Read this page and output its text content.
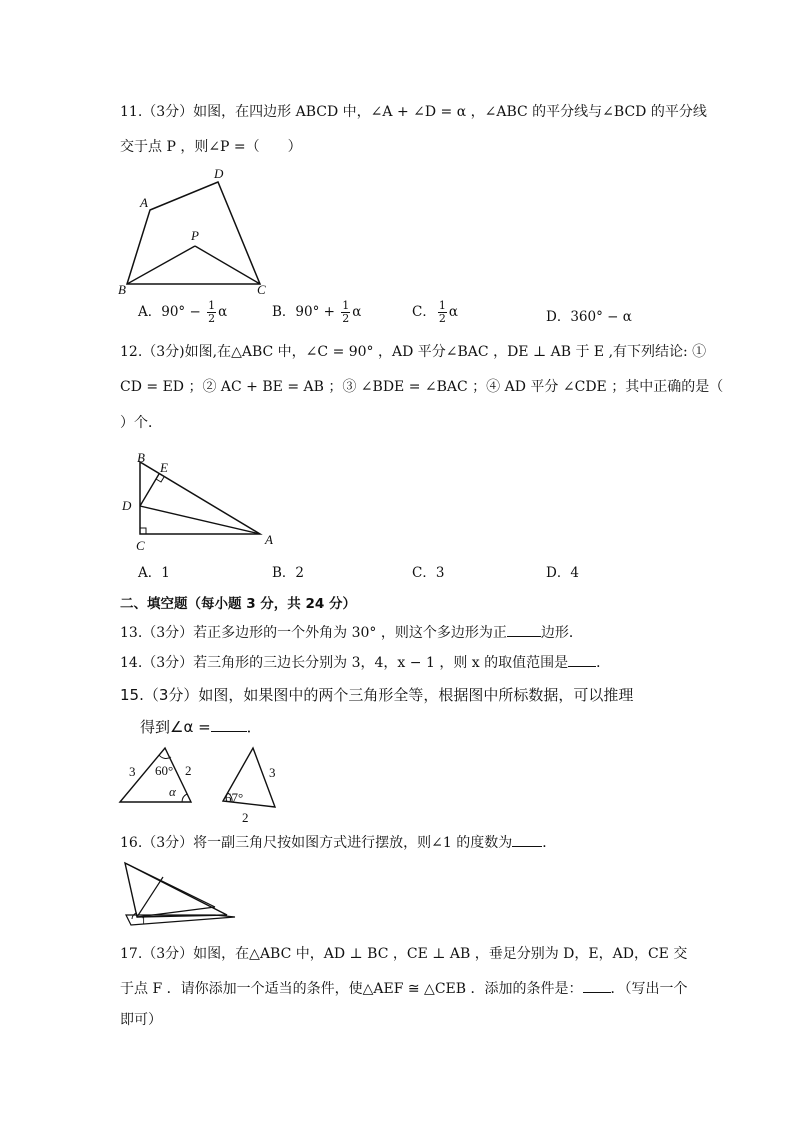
11.（3分）如图，在四边形 ABCD 中，∠A + ∠D = α ，∠ABC 的平分线与∠BCD 的平分线
交于点 P ，则∠P =（　　）
A
D
P
B	C
A．$90^\circ - \frac{1}{2}$ α	B．$90^\circ + \frac{1}{2}$ α	C． $\frac{1}{2}$ α	D．360° − α
12.（3分)如图,在△ABC 中，∠C = 90° ，AD 平分∠BAC ，DE ⊥ AB 于 E ,有下列结论: ①
CD = ED ；② AC + BE = AB ；③ ∠BDE = ∠BAC ；④ AD 平分 ∠CDE ；其中正确的是（
）个．
B
E
D
C	A
A．1	B．2	C．3	D．4
二、填空题（每小题 3 分，共 24 分）
13.（3分）若正多边形的一个外角为 30° ，则这个多边形为正 边形．
14.（3分）若三角形的三边长分别为 3，4，x − 1 ，则 x 的取值范围是 ．
15.（3分）如图，如果图中的两个三角形全等，根据图中所标数据，可以推理
得到∠α = ．
3 60° 2
α
3
67°
2
16.（3分）将一副三角尺按如图方式进行摆放，则∠1 的度数为 ．
1
17.（3分）如图，在△ABC 中，AD ⊥ BC ，CE ⊥ AB ，垂足分别为 D，E，AD，CE 交
于点 F ．请你添加一个适当的条件，使△AEF ≅ △CEB ．添加的条件是： ．（写出一个
即可）
